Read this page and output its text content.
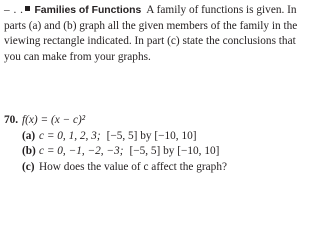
– . . Families of Functions A family of functions is given. In parts (a) and (b) graph all the given members of the family in the viewing rectangle indicated. In part (c) state the conclusions that you can make from your graphs.
70. f(x) = (x − c)²
(a) c = 0, 1, 2, 3; [−5, 5] by [−10, 10]
(b) c = 0, −1, −2, −3; [−5, 5] by [−10, 10]
(c) How does the value of c affect the graph?
